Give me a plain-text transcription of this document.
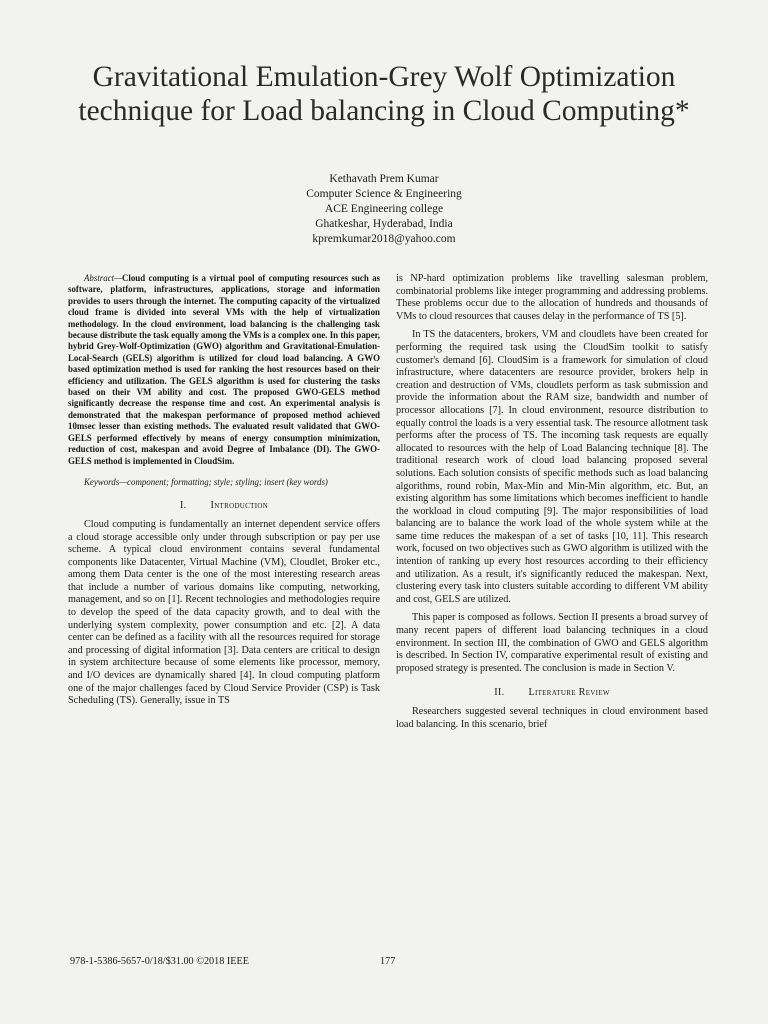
Gravitational Emulation-Grey Wolf Optimization technique for Load balancing in Cloud Computing*
Kethavath Prem Kumar
Computer Science & Engineering
ACE Engineering college
Ghatkeshar, Hyderabad, India
kpremkumar2018@yahoo.com

Abstract—Cloud computing is a virtual pool of computing resources such as software, platform, infrastructures, applications, storage and information provides to users through the internet. The computing capacity of the virtualized cloud frame is divided into several VMs with the help of virtualization methodology. In the cloud environment, load balancing is the challenging task because distribute the task equally among the VMs is a complex one. In this paper, hybrid Grey-Wolf-Optimization (GWO) algorithm and Gravitational-Emulation-Local-Search (GELS) algorithm is utilized for cloud load balancing. A GWO based optimization method is used for ranking the host resources based on their efficiency and utilization. The GELS algorithm is used for clustering the tasks based on their VM ability and cost. The proposed GWO-GELS method significantly decrease the response time and cost. An experimental analysis is demonstrated that the makespan performance of proposed method achieved 10msec lesser than existing methods. The evaluated result validated that GWO-GELS performed effectively by means of energy consumption minimization, reduction of cost, makespan and avoid Degree of Imbalance (DI). The GWO-GELS method is implemented in CloudSim.

Keywords—component; formatting; style; styling; insert (key words)

I. Introduction

Cloud computing is fundamentally an internet dependent service offers a cloud storage accessible only under through subscription or pay per use scheme. A typical cloud environment contains several fundamental components like Datacenter, Virtual Machine (VM), Cloudlet, Broker etc., among them Data center is the one of the most interesting research areas that include a number of various domains like computing, networking, management, and so on [1]. Recent technologies and methodologies require to develop the speed of the data capacity growth, and to deal with the underlying system complexity, power consumption and etc. [2]. A data center can be defined as a facility with all the resources required for storage and processing of digital information [3]. Data centers are critical to design in system architecture because of some elements like processor, memory, and I/O devices are dynamically shared [4]. In cloud computing platform one of the major challenges faced by Cloud Service Provider (CSP) is Task Scheduling (TS). Generally, issue in TS

is NP-hard optimization problems like travelling salesman problem, combinatorial problems like integer programming and addressing problems. These problems occur due to the allocation of hundreds and thousands of VMs to cloud resources that causes delay in the performance of TS [5].

In TS the datacenters, brokers, VM and cloudlets have been created for performing the required task using the CloudSim toolkit to satisfy customer's demand [6]. CloudSim is a framework for simulation of cloud infrastructure, where datacenters are resource provider, brokers help in creation and destruction of VMs, cloudlets perform as task submission and provide the information about the RAM size, bandwidth and number of processor allocations [7]. In cloud environment, resource distribution to equally control the loads is a very essential task. The resource allotment task performs after the process of TS. The incoming task requests are equally allocated to resources with the help of Load Balancing technique [8]. The traditional research work of cloud load balancing proposed several solutions. Each solution consists of specific methods such as load balancing algorithms, round robin, Max-Min and Min-Min algorithm, etc. But, an existing algorithm has some limitations which becomes inefficient to handle the workload in cloud computing [9]. The major responsibilities of load balancing are to balance the work load of the whole system while at the same time reduces the makespan of a set of tasks [10, 11]. This research work, focused on two objectives such as GWO algorithm is utilized with the intention of ranking up every host resources according to their efficiency and utilization. As a result, it's significantly reduced the makespan. Next, clustering every task into clusters suitable according to different VM ability and cost, GELS are utilized.

This paper is composed as follows. Section II presents a broad survey of many recent papers of different load balancing techniques in a cloud environment. In section III, the combination of GWO and GELS algorithm is described. In Section IV, comparative experimental result of existing and proposed strategy is presented. The conclusion is made in Section V.

II. Literature Review

Researchers suggested several techniques in cloud environment based load balancing. In this scenario, brief

978-1-5386-5657-0/18/$31.00 ©2018 IEEE	177
